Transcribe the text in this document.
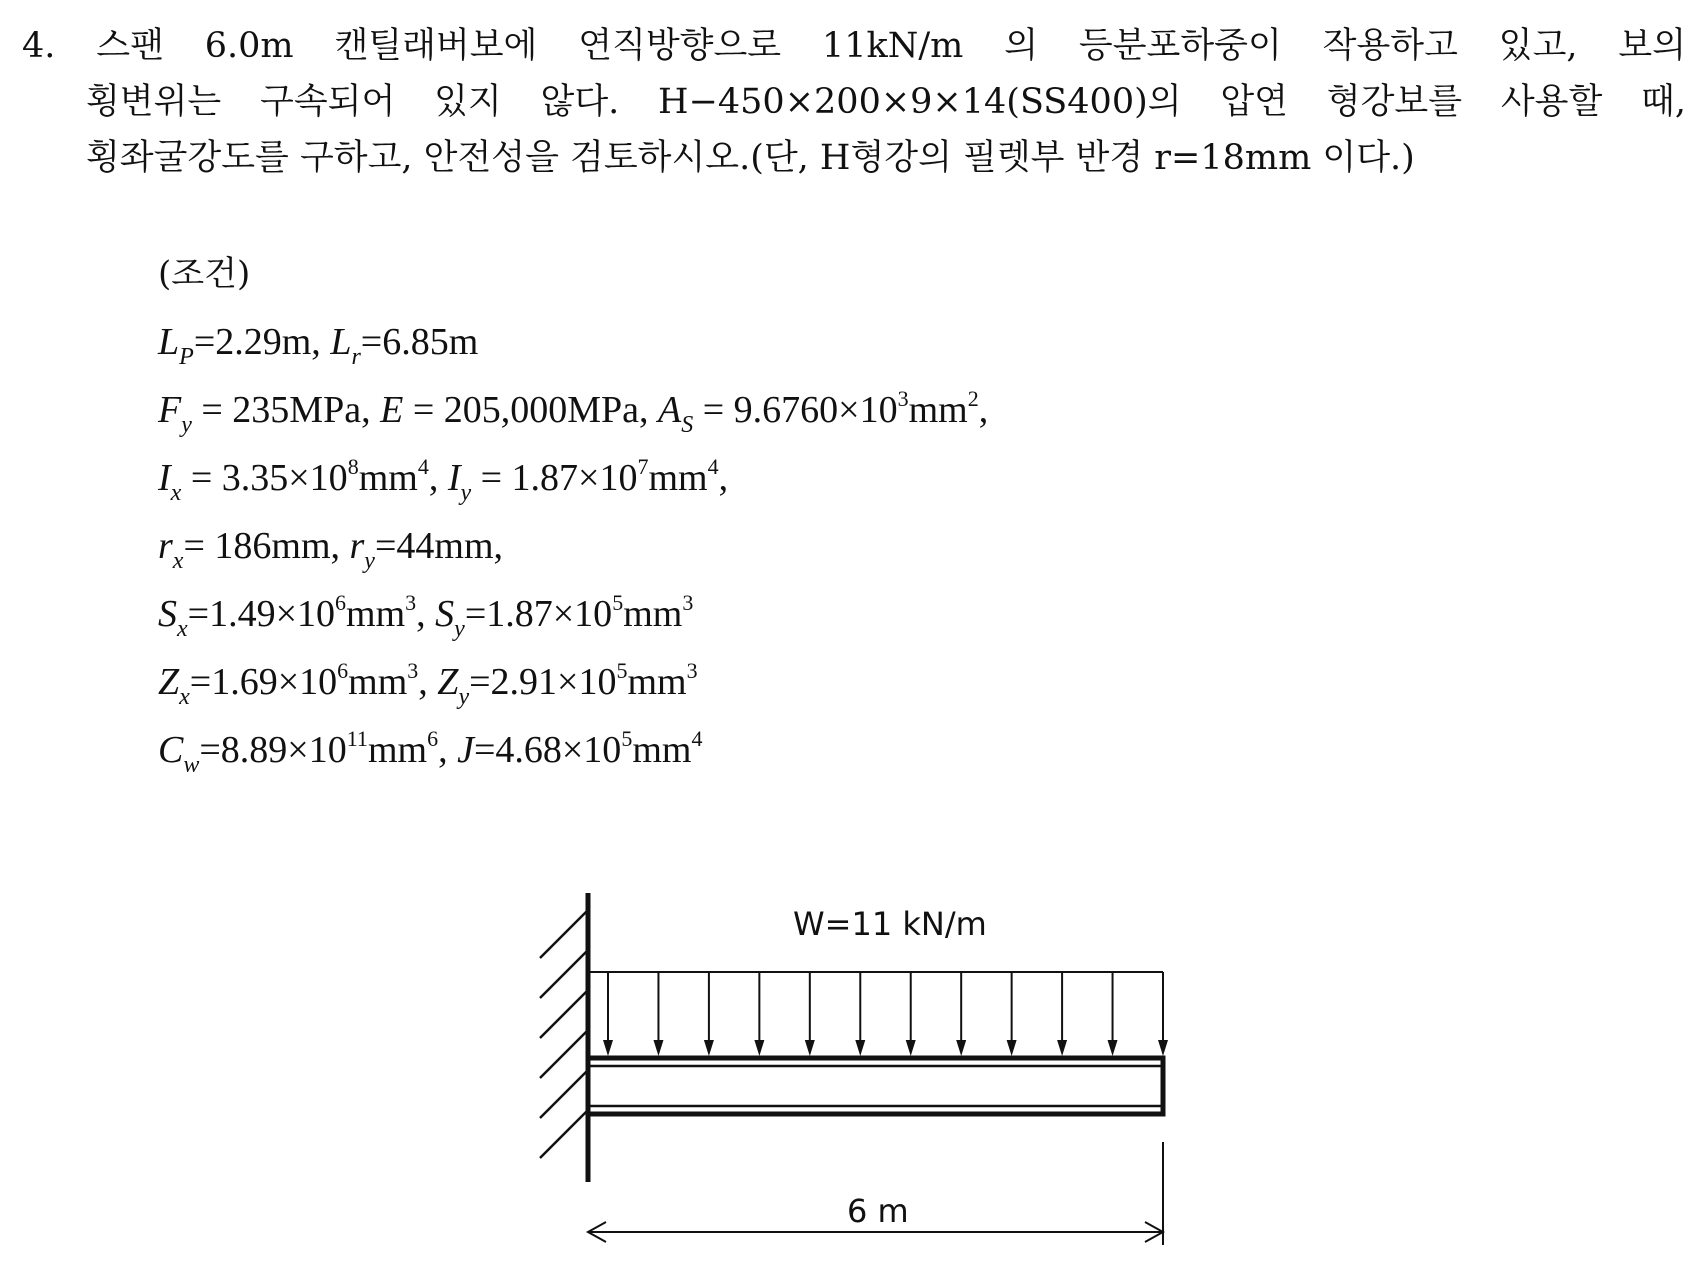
4. 스팬 6.0m 캔틸래버보에 연직방향으로 11kN/m 의 등분포하중이 작용하고 있고, 보의
횡변위는 구속되어 있지 않다. H−450×200×9×14(SS400)의 압연 형강보를 사용할 때,
횡좌굴강도를 구하고, 안전성을 검토하시오.(단, H형강의 필렛부 반경 r=18mm 이다.)
(조건)
$L_P=2.29m$, $L_r=6.85m$
$F_y = 235MPa$, E = 205,000MPa, $A_S = 9.6760\times 10^3mm^2$,
$I_x = 3.35\times 10^8mm^4$, $I_y = 1.87\times 10^7mm^4$,
$r_x= 186mm$, $r_y=44mm$,
$S_x=1.49\times 10^6mm^3$, $S_y=1.87\times 10^5mm^3$
$Z_x=1.69\times 10^6mm^3$, $Z_y=2.91\times 10^5mm^3$
$C_w=8.89\times 10^{11}mm^6$, $J=4.68\times 10^5mm^4$
W=11 kN/m
6 m
